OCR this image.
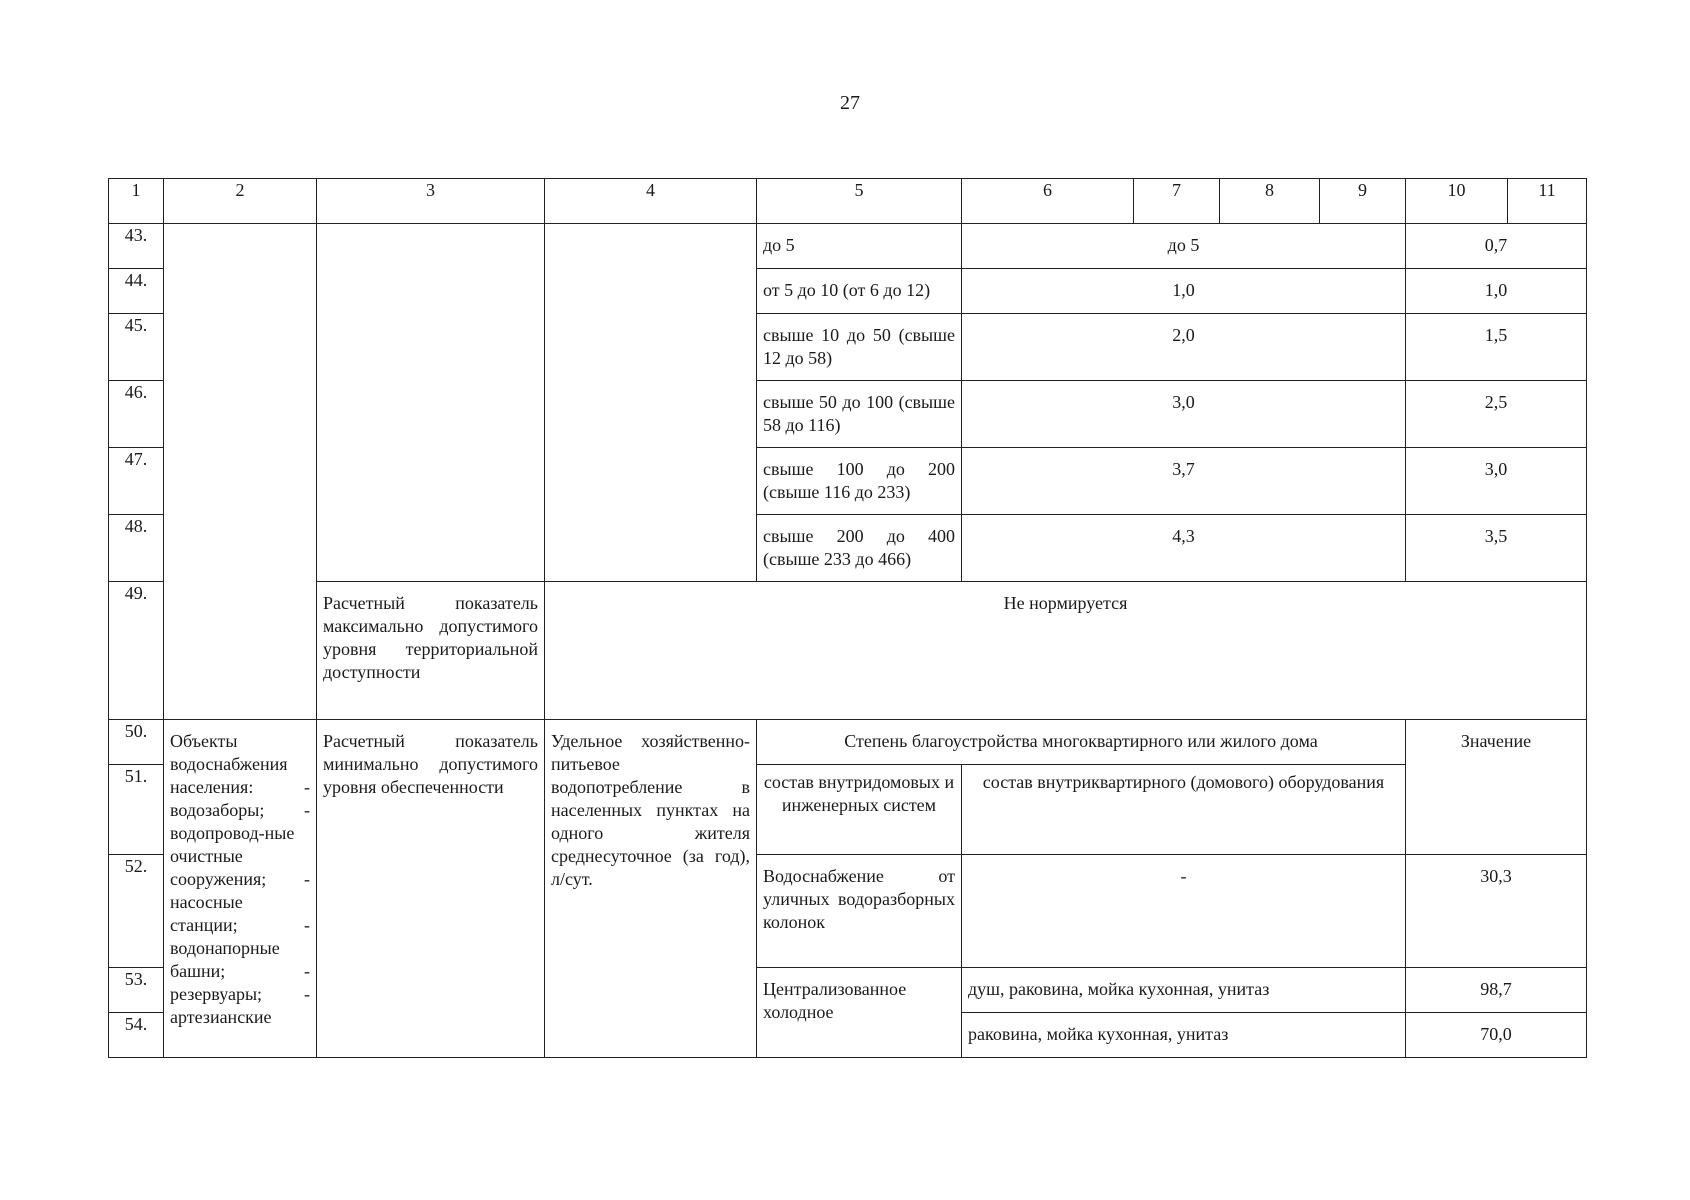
27
1	2	3	4	5	6	7	8	9	10	11
43.				до 5	до 5				0,7	
44.				от 5 до 10 (от 6 до 12)	1,0				1,0	
45.				свыше 10 до 50 (свыше 12 до 58)	2,0				1,5	
46.				свыше 50 до 100 (свыше 58 до 116)	3,0				2,5	
47.				свыше 100 до 200 (свыше 116 до 233)	3,7				3,0	
48.				свыше 200 до 400 (свыше 233 до 466)	4,3				3,5	
49.		Расчетный показатель максимально допустимого уровня территориальной доступности	Не нормируется							
50.	Объекты водоснабжения населения: - водозаборы; - водопровод-ные очистные сооружения; - насосные станции; - водонапорные башни; - резервуары; - артезианские	Расчетный показатель минимально допустимого уровня обеспеченности	Удельное хозяйственно-питьевое водопотребление в населенных пунктах на одного жителя среднесуточное (за год), л/сут.	Степень благоустройства многоквартирного или жилого дома					Значение	
51.				состав внутридомовых и инженерных систем	состав внутриквартирного (домового) оборудования					
52.				Водоснабжение от уличных водоразборных колонок	-				30,3	
53.				Централизованное холодное	душ, раковина, мойка кухонная, унитаз				98,7	
54.					раковина, мойка кухонная, унитаз				70,0	
